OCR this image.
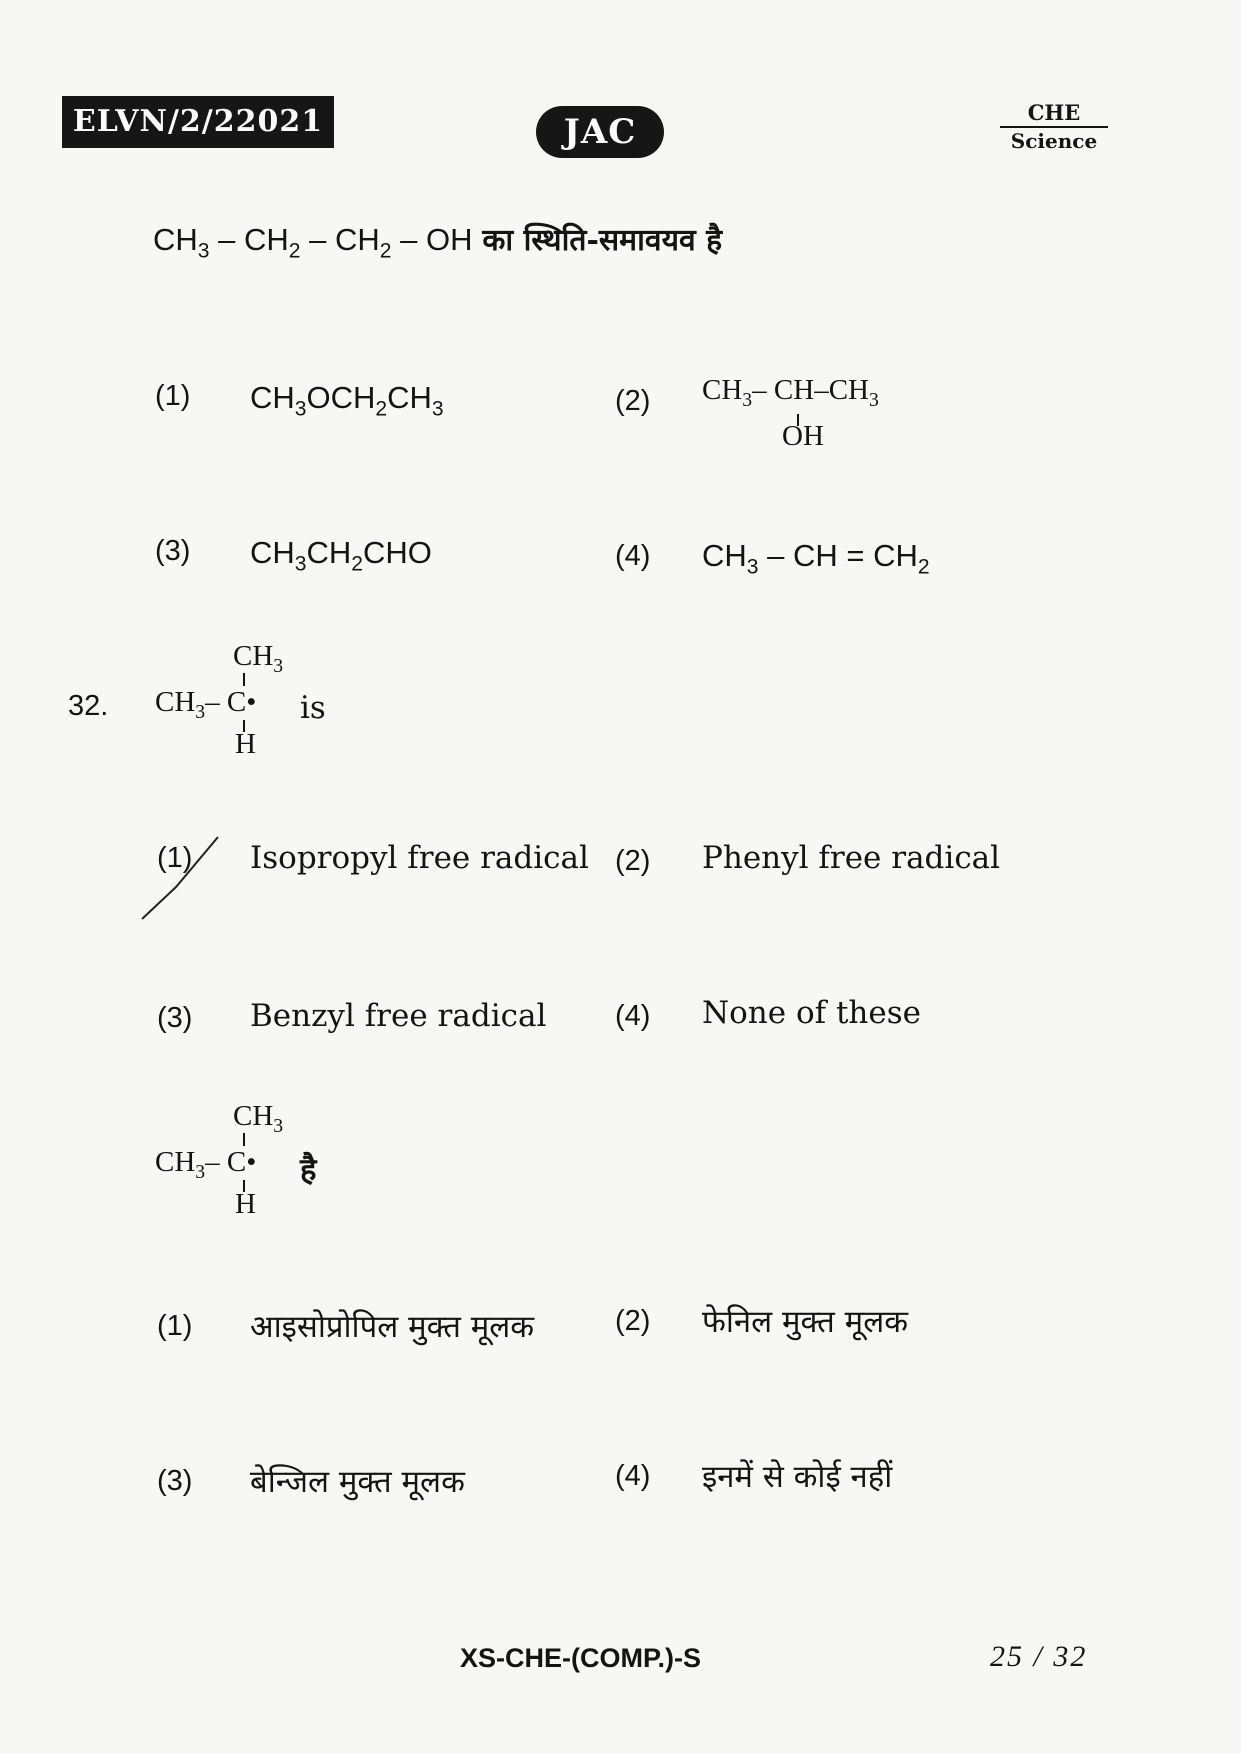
ELVN/2/22021	JAC	CHE
Science
$CH_3 - CH_2 - CH_2$ – OH का स्थिति-समावयव है
(1) $CH_3OCH_2CH_3$	(2) $CH_3-$ $CH-CH_3$
OH
(3) $CH_3CH_2CHO$	(4) $CH_3$ – CH = $CH_2$
32.
$CH_3$
$CH_3-$ C•
H
is
(1) Isopropyl free radical (2) Phenyl free radical
(3) Benzyl free radical (4) None of these
$CH_3$
$CH_3-$ C•
H
है
(1) आइसोप्रोपिल मुक्त मूलक	(2) फेनिल मुक्त मूलक
(3) बेन्जिल मुक्त मूलक	(4) इनमें से कोई नहीं
XS-CHE-(COMP.)-S	25 / 32
